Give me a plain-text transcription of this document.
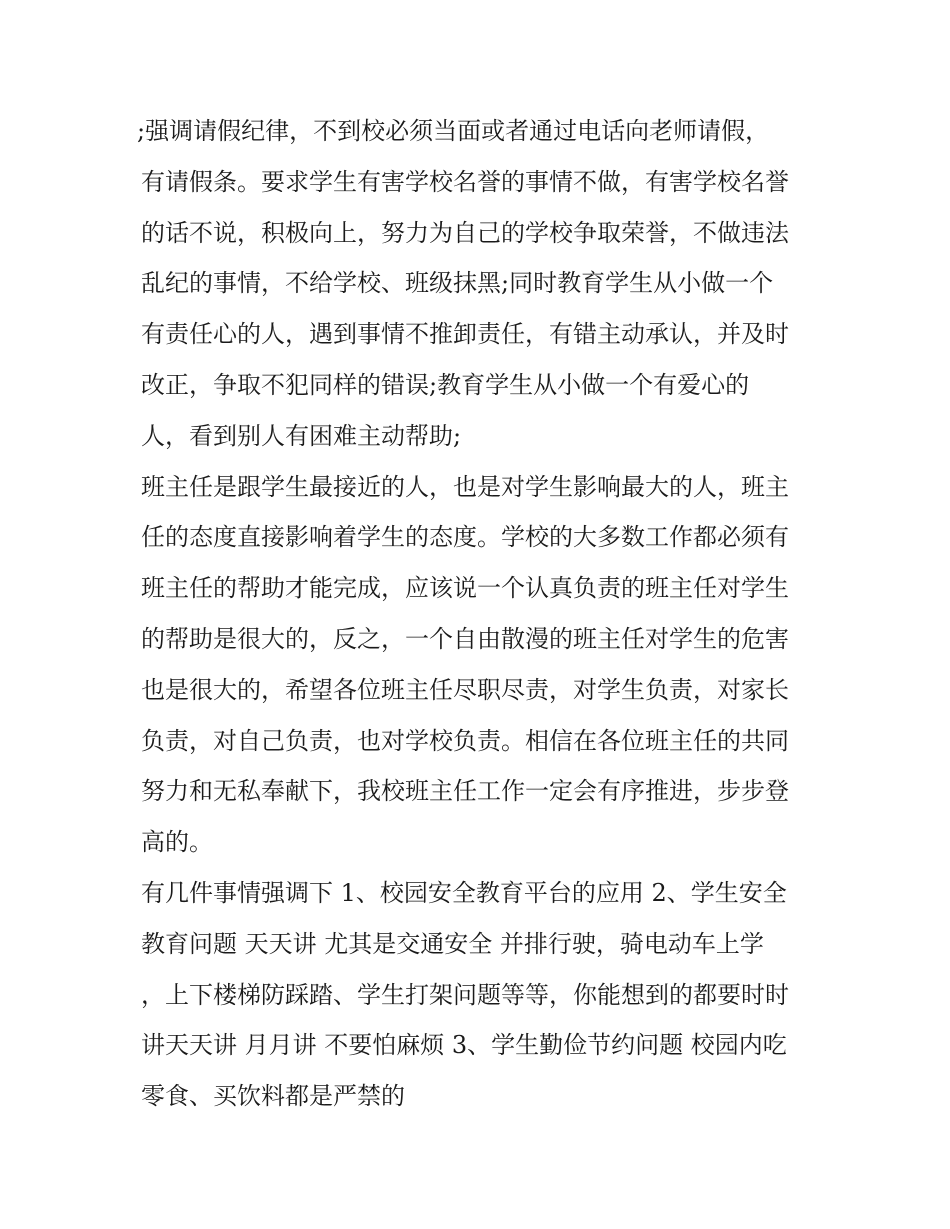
;强调请假纪律，不到校必须当面或者通过电话向老师请假，
有请假条。要求学生有害学校名誉的事情不做，有害学校名誉
的话不说，积极向上，努力为自己的学校争取荣誉，不做违法
乱纪的事情，不给学校、班级抹黑;同时教育学生从小做一个
有责任心的人，遇到事情不推卸责任，有错主动承认，并及时
改正，争取不犯同样的错误;教育学生从小做一个有爱心的
人，看到别人有困难主动帮助;
班主任是跟学生最接近的人，也是对学生影响最大的人，班主
任的态度直接影响着学生的态度。学校的大多数工作都必须有
班主任的帮助才能完成，应该说一个认真负责的班主任对学生
的帮助是很大的，反之，一个自由散漫的班主任对学生的危害
也是很大的，希望各位班主任尽职尽责，对学生负责，对家长
负责，对自己负责，也对学校负责。相信在各位班主任的共同
努力和无私奉献下，我校班主任工作一定会有序推进，步步登
高的。
有几件事情强调下 1、校园安全教育平台的应用 2、学生安全
教育问题 天天讲 尤其是交通安全 并排行驶，骑电动车上学
，上下楼梯防踩踏、学生打架问题等等，你能想到的都要时时
讲天天讲 月月讲 不要怕麻烦 3、学生勤俭节约问题 校园内吃
零食、买饮料都是严禁的
